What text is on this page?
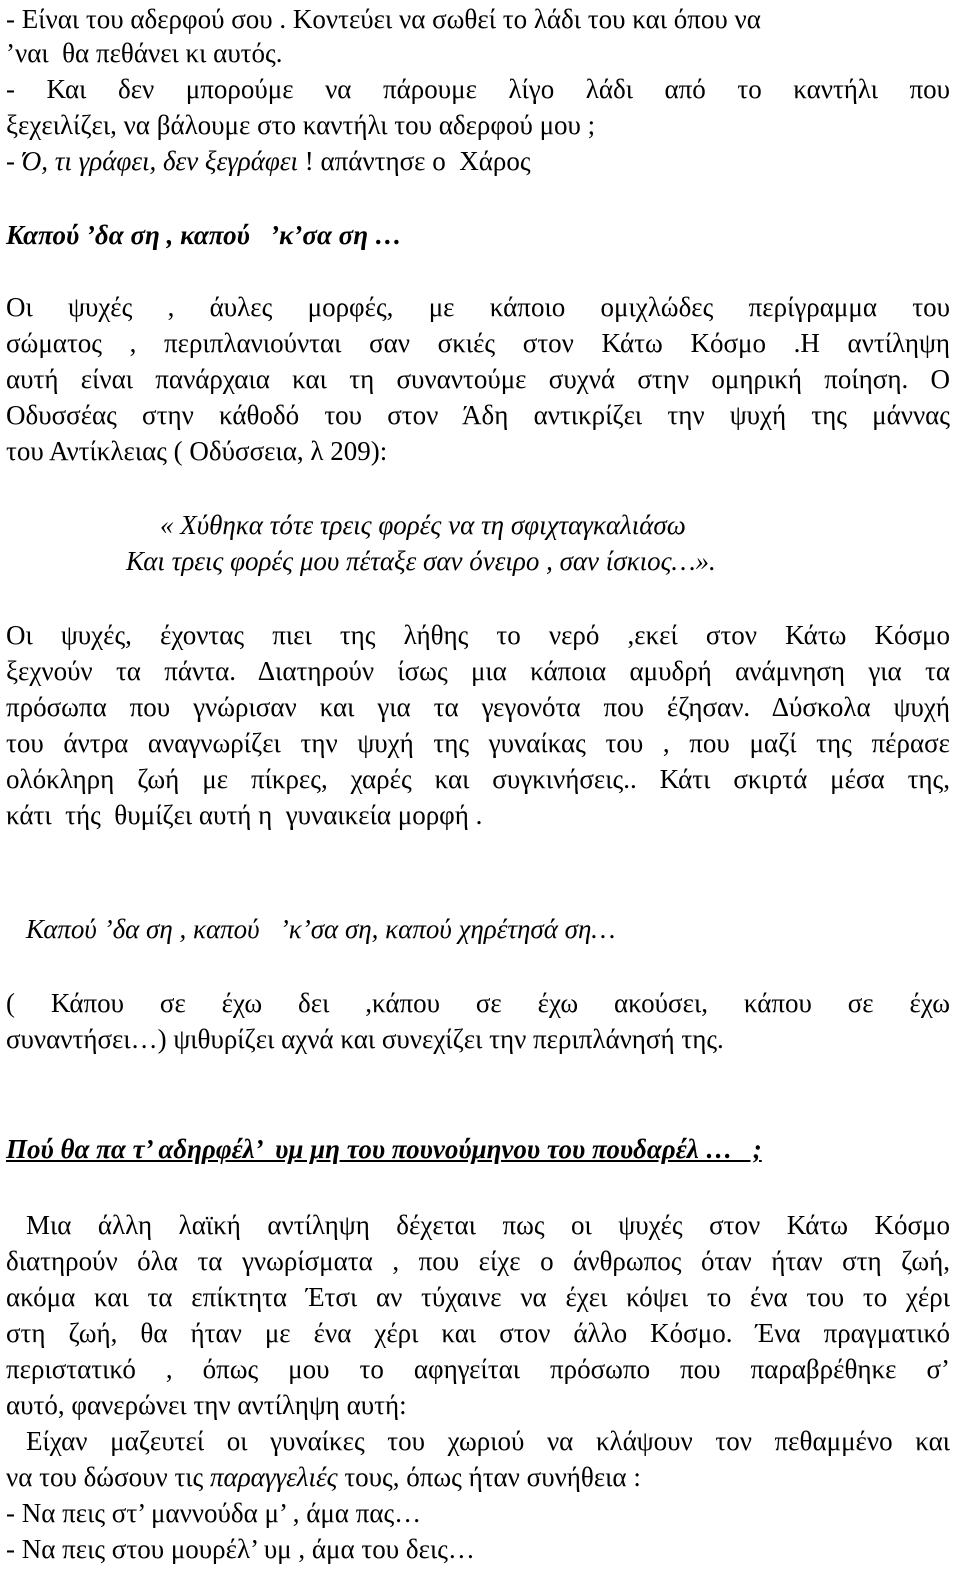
- Είναι του αδερφού σου . Κοντεύει να σωθεί το λάδι του και όπου να
’ναι  θα πεθάνει κι αυτός.
- Και δεν μπορούμε να πάρουμε λίγο λάδι από το καντήλι που
ξεχειλίζει, να βάλουμε στο καντήλι του αδερφού μου ;
- Ό, τι γράφει, δεν ξεγράφει ! απάντησε ο  Χάρος
Καπού ’δα ση , καπού   ’κ’σα ση …
Οι ψυχές , άυλες μορφές, με κάποιο ομιχλώδες περίγραμμα του
σώματος , περιπλανιούνται σαν σκιές στον Κάτω Κόσμο .Η αντίληψη
αυτή είναι πανάρχαια και τη συναντούμε συχνά στην ομηρική ποίηση. Ο
Οδυσσέας στην κάθοδό του στον Άδη αντικρίζει την ψυχή της μάννας
του Αντίκλειας ( Οδύσσεια, λ 209):
« Χύθηκα τότε τρεις φορές να τη σφιχταγκαλιάσω
Και τρεις φορές μου πέταξε σαν όνειρο , σαν ίσκιος…».
Οι ψυχές, έχοντας πιει της λήθης το νερό ,εκεί στον Κάτω Κόσμο
ξεχνούν τα πάντα. Διατηρούν ίσως μια κάποια αμυδρή ανάμνηση για τα
πρόσωπα που γνώρισαν και για τα γεγονότα που έζησαν. Δύσκολα ψυχή
του άντρα αναγνωρίζει την ψυχή της γυναίκας του , που μαζί της πέρασε
ολόκληρη ζωή με πίκρες, χαρές και συγκινήσεις.. Κάτι σκιρτά μέσα της,
κάτι  τής  θυμίζει αυτή η  γυναικεία μορφή .
Καπού ’δα ση , καπού   ’κ’σα ση, καπού χηρέτησά ση…
( Κάπου σε έχω δει ,κάπου σε έχω ακούσει, κάπου σε έχω
συναντήσει…) ψιθυρίζει αχνά και συνεχίζει την περιπλάνησή της.
Πού θα πα τ’ αδηρφέλ’  υμ μη του πουνούμηνου του πουδαρέλ …   ;
Μια άλλη λαϊκή αντίληψη δέχεται πως οι ψυχές στον Κάτω Κόσμο
διατηρούν όλα τα γνωρίσματα , που είχε ο άνθρωπος όταν ήταν στη ζωή,
ακόμα και τα επίκτητα Έτσι αν τύχαινε να έχει κόψει το ένα του το χέρι
στη ζωή, θα ήταν με ένα χέρι και στον άλλο Κόσμο. Ένα πραγματικό
περιστατικό , όπως μου το αφηγείται πρόσωπο που παραβρέθηκε σ’
αυτό, φανερώνει την αντίληψη αυτή:
Είχαν μαζευτεί οι γυναίκες του χωριού να κλάψουν τον πεθαμμένο και
να του δώσουν τις παραγγελιές τους, όπως ήταν συνήθεια :
- Να πεις στ’ μαννούδα μ’ , άμα πας…
- Να πεις στου μουρέλ’ υμ , άμα του δεις…
